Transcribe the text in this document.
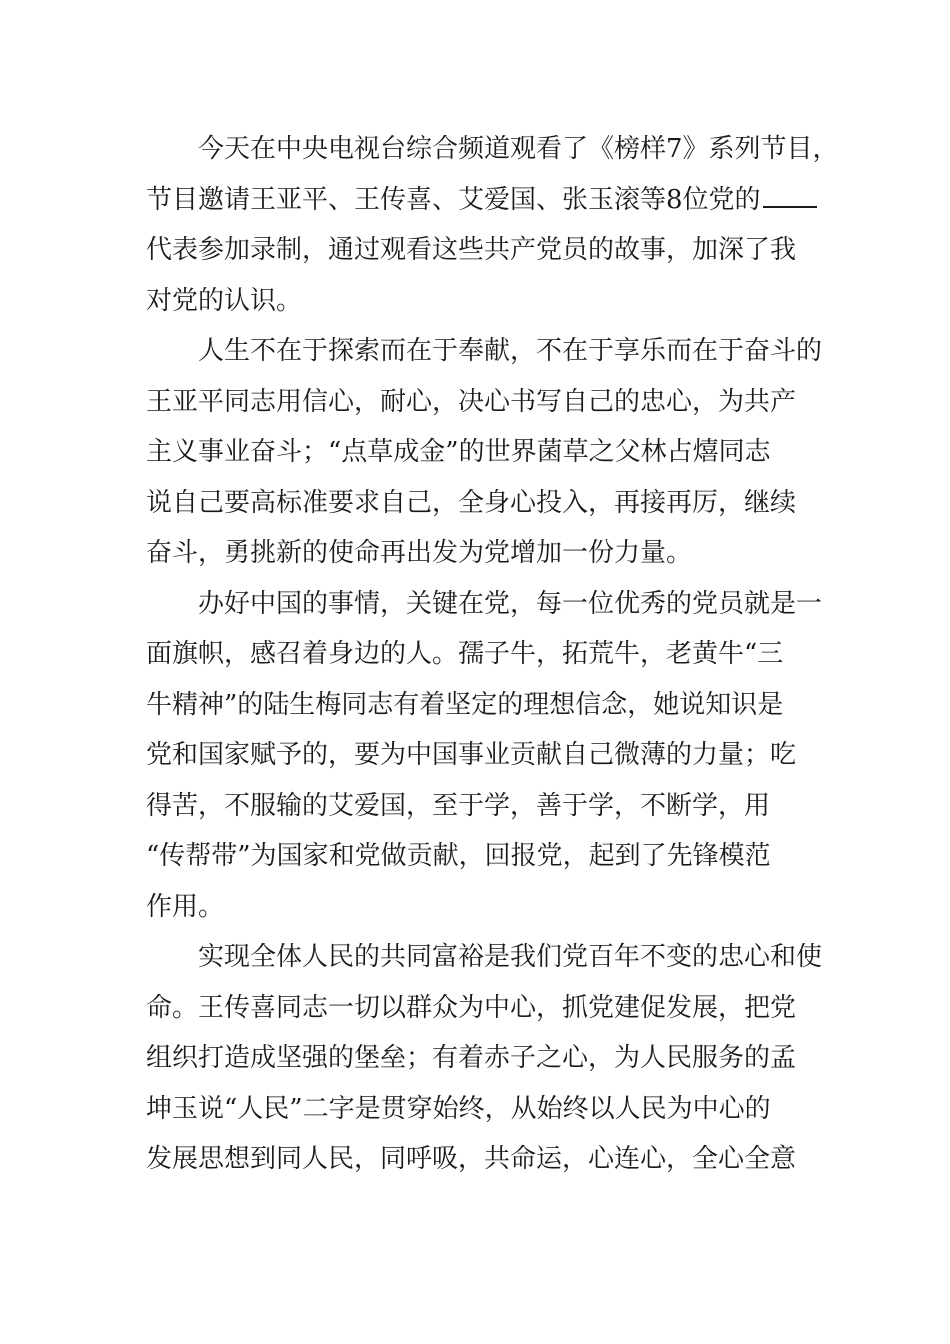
　　今天在中央电视台综合频道观看了《榜样7》系列节目，
节目邀请王亚平、王传喜、艾爱国、张玉滚等8位党的
代表参加录制，通过观看这些共产党员的故事，加深了我
对党的认识。
　　人生不在于探索而在于奉献，不在于享乐而在于奋斗的
王亚平同志用信心，耐心，决心书写自己的忠心，为共产
主义事业奋斗；“点草成金”的世界菌草之父林占熺同志
说自己要高标准要求自己，全身心投入，再接再厉，继续
奋斗，勇挑新的使命再出发为党增加一份力量。
　　办好中国的事情，关键在党，每一位优秀的党员就是一
面旗帜，感召着身边的人。孺子牛，拓荒牛，老黄牛“三
牛精神”的陆生梅同志有着坚定的理想信念，她说知识是
党和国家赋予的，要为中国事业贡献自己微薄的力量；吃
得苦，不服输的艾爱国，至于学，善于学，不断学，用
“传帮带”为国家和党做贡献，回报党，起到了先锋模范
作用。
　　实现全体人民的共同富裕是我们党百年不变的忠心和使
命。王传喜同志一切以群众为中心，抓党建促发展，把党
组织打造成坚强的堡垒；有着赤子之心，为人民服务的孟
坤玉说“人民”二字是贯穿始终，从始终以人民为中心的
发展思想到同人民，同呼吸，共命运，心连心，全心全意
